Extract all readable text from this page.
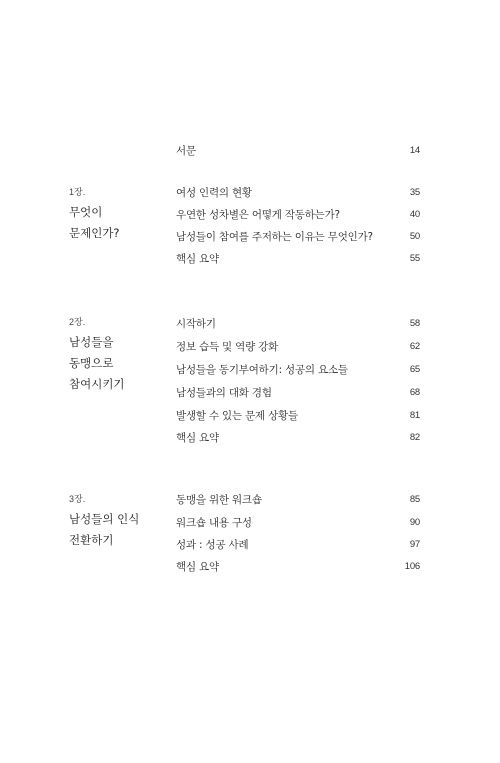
서문	14
1장.
무엇이
문제인가?
여성 인력의 현황	35
우연한 성차별은 어떻게 작동하는가?	40
남성들이 참여를 주저하는 이유는 무엇인가?	50
핵심 요약	55
2장.
남성들을
동맹으로
참여시키기
시작하기	58
정보 습득 및 역량 강화	62
남성들을 동기부여하기: 성공의 요소들	65
남성들과의 대화 경험	68
발생할 수 있는 문제 상황들	81
핵심 요약	82
3장.
남성들의 인식
전환하기
동맹을 위한 워크숍	85
워크숍 내용 구성	90
성과 : 성공 사례	97
핵심 요약	106
